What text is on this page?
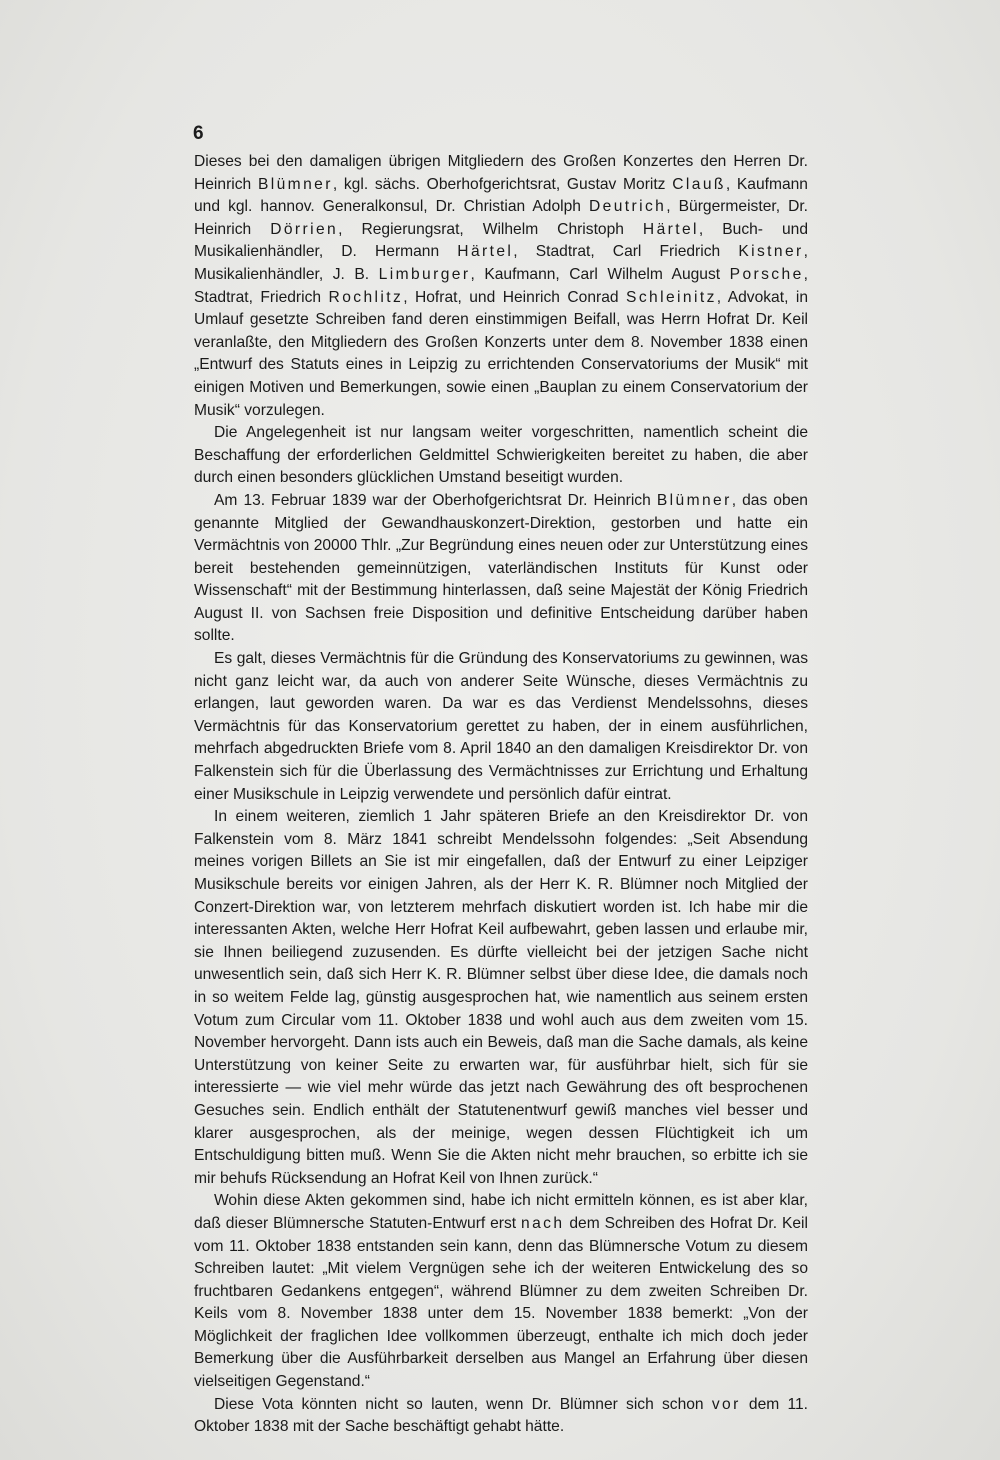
6

Dieses bei den damaligen übrigen Mitgliedern des Großen Konzertes den Herren Dr. Heinrich Blümner, kgl. sächs. Oberhofgerichtsrat, Gustav Moritz Clauß, Kaufmann und kgl. hannov. Generalkonsul, Dr. Christian Adolph Deutrich, Bürgermeister, Dr. Heinrich Dörrien, Regierungsrat, Wilhelm Christoph Härtel, Buch- und Musikalienhändler, D. Hermann Härtel, Stadtrat, Carl Friedrich Kistner, Musikalienhändler, J. B. Limburger, Kaufmann, Carl Wilhelm August Porsche, Stadtrat, Friedrich Rochlitz, Hofrat, und Heinrich Conrad Schleinitz, Advokat, in Umlauf gesetzte Schreiben fand deren einstimmigen Beifall, was Herrn Hofrat Dr. Keil veranlaßte, den Mitgliedern des Großen Konzerts unter dem 8. November 1838 einen „Entwurf des Statuts eines in Leipzig zu errichtenden Conservatoriums der Musik“ mit einigen Motiven und Bemerkungen, sowie einen „Bauplan zu einem Conservatorium der Musik“ vorzulegen.

Die Angelegenheit ist nur langsam weiter vorgeschritten, namentlich scheint die Beschaffung der erforderlichen Geldmittel Schwierigkeiten bereitet zu haben, die aber durch einen besonders glücklichen Umstand beseitigt wurden.

Am 13. Februar 1839 war der Oberhofgerichtsrat Dr. Heinrich Blümner, das oben genannte Mitglied der Gewandhauskonzert-Direktion, gestorben und hatte ein Vermächtnis von 20000 Thlr. „Zur Begründung eines neuen oder zur Unterstützung eines bereit bestehenden gemeinnützigen, vaterländischen Instituts für Kunst oder Wissenschaft“ mit der Bestimmung hinterlassen, daß seine Majestät der König Friedrich August II. von Sachsen freie Disposition und definitive Entscheidung darüber haben sollte.

Es galt, dieses Vermächtnis für die Gründung des Konservatoriums zu gewinnen, was nicht ganz leicht war, da auch von anderer Seite Wünsche, dieses Vermächtnis zu erlangen, laut geworden waren. Da war es das Verdienst Mendelssohns, dieses Vermächtnis für das Konservatorium gerettet zu haben, der in einem ausführlichen, mehrfach abgedruckten Briefe vom 8. April 1840 an den damaligen Kreisdirektor Dr. von Falkenstein sich für die Überlassung des Vermächtnisses zur Errichtung und Erhaltung einer Musikschule in Leipzig verwendete und persönlich dafür eintrat.

In einem weiteren, ziemlich 1 Jahr späteren Briefe an den Kreisdirektor Dr. von Falkenstein vom 8. März 1841 schreibt Mendelssohn folgendes: „Seit Absendung meines vorigen Billets an Sie ist mir eingefallen, daß der Entwurf zu einer Leipziger Musikschule bereits vor einigen Jahren, als der Herr K. R. Blümner noch Mitglied der Conzert-Direktion war, von letzterem mehrfach diskutiert worden ist. Ich habe mir die interessanten Akten, welche Herr Hofrat Keil aufbewahrt, geben lassen und erlaube mir, sie Ihnen beiliegend zuzusenden. Es dürfte vielleicht bei der jetzigen Sache nicht unwesentlich sein, daß sich Herr K. R. Blümner selbst über diese Idee, die damals noch in so weitem Felde lag, günstig ausgesprochen hat, wie namentlich aus seinem ersten Votum zum Circular vom 11. Oktober 1838 und wohl auch aus dem zweiten vom 15. November hervorgeht. Dann ists auch ein Beweis, daß man die Sache damals, als keine Unterstützung von keiner Seite zu erwarten war, für ausführbar hielt, sich für sie interessierte — wie viel mehr würde das jetzt nach Gewährung des oft besprochenen Gesuches sein. Endlich enthält der Statutenentwurf gewiß manches viel besser und klarer ausgesprochen, als der meinige, wegen dessen Flüchtigkeit ich um Entschuldigung bitten muß. Wenn Sie die Akten nicht mehr brauchen, so erbitte ich sie mir behufs Rücksendung an Hofrat Keil von Ihnen zurück.“

Wohin diese Akten gekommen sind, habe ich nicht ermitteln können, es ist aber klar, daß dieser Blümnersche Statuten-Entwurf erst nach dem Schreiben des Hofrat Dr. Keil vom 11. Oktober 1838 entstanden sein kann, denn das Blümnersche Votum zu diesem Schreiben lautet: „Mit vielem Vergnügen sehe ich der weiteren Entwickelung des so fruchtbaren Gedankens entgegen“, während Blümner zu dem zweiten Schreiben Dr. Keils vom 8. November 1838 unter dem 15. November 1838 bemerkt: „Von der Möglichkeit der fraglichen Idee vollkommen überzeugt, enthalte ich mich doch jeder Bemerkung über die Ausführbarkeit derselben aus Mangel an Erfahrung über diesen vielseitigen Gegenstand.“

Diese Vota könnten nicht so lauten, wenn Dr. Blümner sich schon vor dem 11. Oktober 1838 mit der Sache beschäftigt gehabt hätte.
